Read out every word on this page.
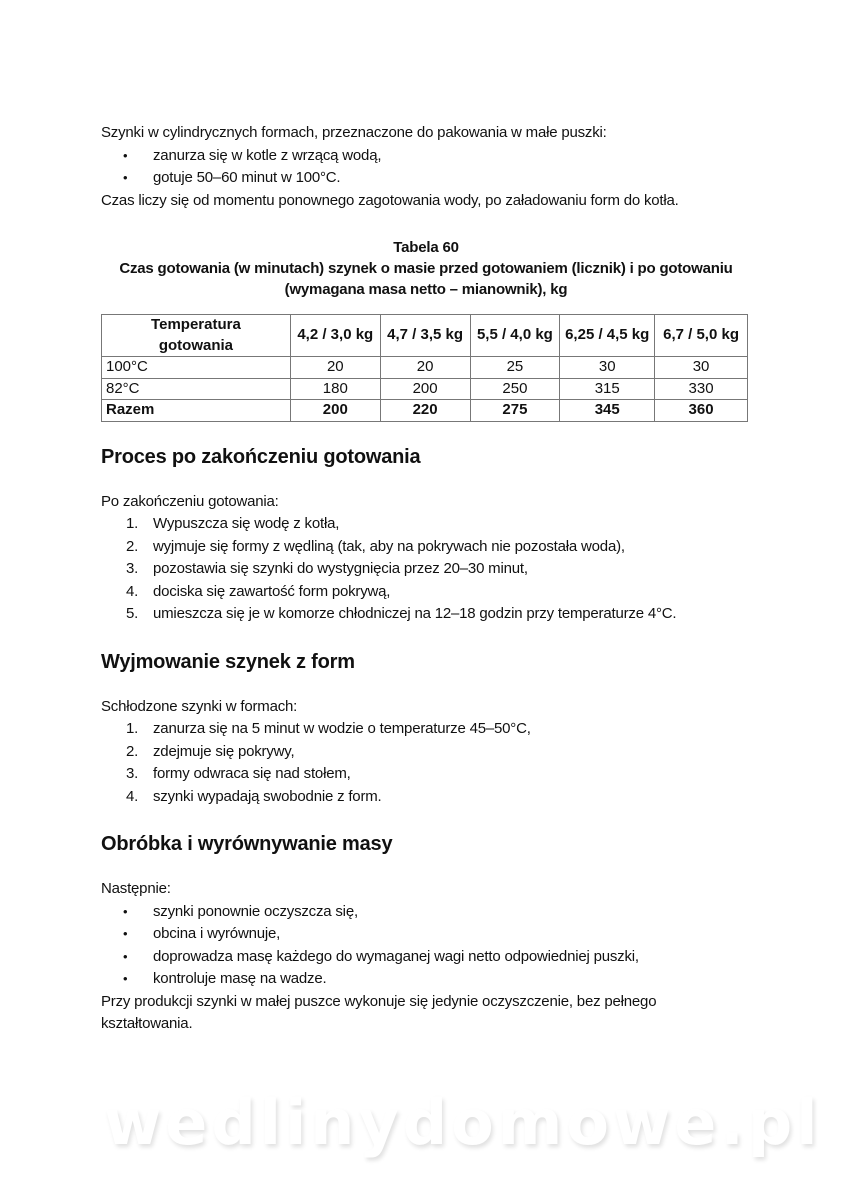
Szynki w cylindrycznych formach, przeznaczone do pakowania w małe puszki:

• zanurza się w kotle z wrzącą wodą,
• gotuje 50–60 minut w 100°C.

Czas liczy się od momentu ponownego zagotowania wody, po załadowaniu form do kotła.

Tabela 60
Czas gotowania (w minutach) szynek o masie przed gotowaniem (licznik) i po gotowaniu (wymagana masa netto – mianownik), kg
Temperatura gotowania	4,2 / 3,0 kg	4,7 / 3,5 kg	5,5 / 4,0 kg	6,25 / 4,5 kg	6,7 / 5,0 kg
100°C	20	20	25	30	30
82°C	180	200	250	315	330
Razem	200	220	275	345	360
Proces po zakończeniu gotowania

Po zakończeniu gotowania:

1. Wypuszcza się wodę z kotła,
2. wyjmuje się formy z wędliną (tak, aby na pokrywach nie pozostała woda),
3. pozostawia się szynki do wystygnięcia przez 20–30 minut,
4. dociska się zawartość form pokrywą,
5. umieszcza się je w komorze chłodniczej na 12–18 godzin przy temperaturze 4°C.
Wyjmowanie szynek z form

Schłodzone szynki w formach:

1. zanurza się na 5 minut w wodzie o temperaturze 45–50°C,
2. zdejmuje się pokrywy,
3. formy odwraca się nad stołem,
4. szynki wypadają swobodnie z form.
Obróbka i wyrównywanie masy

Następnie:

• szynki ponownie oczyszcza się,
• obcina i wyrównuje,
• doprowadza masę każdego do wymaganej wagi netto odpowiedniej puszki,
• kontroluje masę na wadze.

Przy produkcji szynki w małej puszce wykonuje się jedynie oczyszczenie, bez pełnego kształtowania.

wedlinydomowe.pl
